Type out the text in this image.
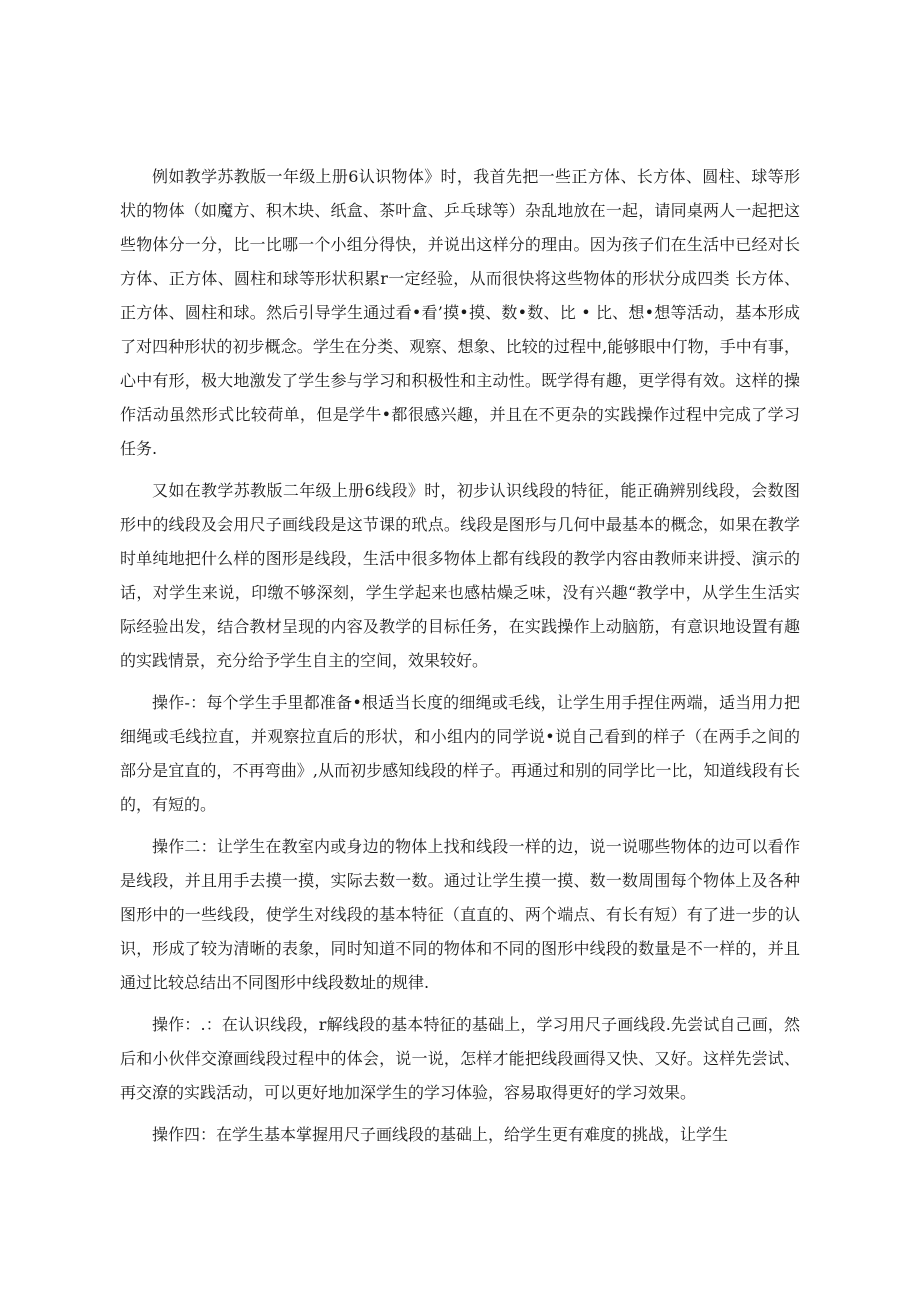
例如教学苏教版一年级上册6认识物体》时，我首先把一些正方体、长方体、圆柱、球等形状的物体（如魔方、积木块、纸盒、茶叶盒、乒乓球等）杂乱地放在一起，请同桌两人一起把这些物体分一分，比一比哪一个小组分得快，并说出这样分的理由。因为孩子们在生活中已经对长方体、正方体、圆柱和球等形状积累r一定经验，从而很快将这些物体的形状分成四类 长方体、正方体、圆柱和球。然后引导学生通过看•看’摸•摸、数•数、比 • 比、想•想等活动，基本形成了对四种形状的初步概念。学生在分类、观察、想象、比较的过程中,能够眼中仃物，手中有事，心中有形，极大地激发了学生参与学习和积极性和主动性。既学得有趣，更学得有效。这样的操作活动虽然形式比较荷单，但是学牛•都很感兴趣，并且在不更杂的实践操作过程中完成了学习任务.

又如在教学苏教版二年级上册6线段》时，初步认识线段的特征，能正确辨别线段，会数图形中的线段及会用尺子画线段是这节课的玳点。线段是图形与几何中最基本的概念，如果在教学时单纯地把什么样的图形是线段，生活中很多物体上都有线段的教学内容由教师来讲授、演示的话，对学生来说，印缴不够深刻，学生学起来也感枯燥乏味，没有兴趣“教学中，从学生生活实际经验出发，结合教材呈现的内容及教学的目标任务，在实践操作上动脑筋，有意识地设置有趣的实践情景，充分给予学生自主的空间，效果较好。

操作-：每个学生手里都准备•根适当长度的细绳或毛线，让学生用手捏住两端，适当用力把细绳或毛线拉直，并观察拉直后的形状，和小组内的同学说•说自己看到的样子（在两手之间的部分是宜直的，不再弯曲》,从而初步感知线段的样子。再通过和别的同学比一比，知道线段有长的，有短的。

操作二：让学生在教室内或身边的物体上找和线段一样的边，说一说哪些物体的边可以看作是线段，并且用手去摸一摸，实际去数一数。通过让学生摸一摸、数一数周围每个物体上及各种图形中的一些线段，使学生对线段的基本特征（直直的、两个端点、有长有短）有了进一步的认识，形成了较为清晰的表象，同时知道不同的物体和不同的图形中线段的数量是不一样的，并且通过比较总结出不同图形中线段数址的规律.

操作：.：在认识线段，r解线段的基本特征的基础上，学习用尺子画线段.先尝试自己画，然后和小伙伴交潦画线段过程中的体会，说一说，怎样才能把线段画得又快、又好。这样先尝试、再交潦的实践活动，可以更好地加深学生的学习体验，容易取得更好的学习效果。

操作四：在学生基本掌握用尺子画线段的基础上，给学生更有难度的挑战，让学生
